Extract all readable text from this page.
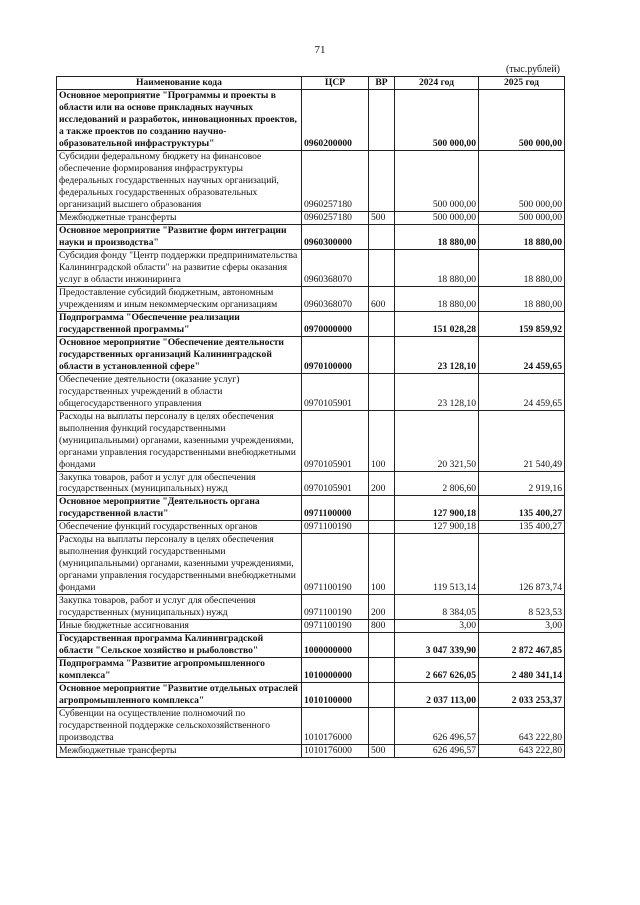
71
(тыс.рублей)
Наименование кода	ЦСР	ВР	2024 год	2025 год
Основное мероприятие "Программы и проекты в области или на основе прикладных научных исследований и разработок, инновационных проектов, а также проектов по созданию научно-образовательной инфраструктуры"	0960200000		500 000,00	500 000,00
Субсидии федеральному бюджету на финансовое обеспечение формирования инфраструктуры федеральных государственных научных организаций, федеральных государственных образовательных организаций высшего образования	0960257180		500 000,00	500 000,00
Межбюджетные трансферты	0960257180	500	500 000,00	500 000,00
Основное мероприятие "Развитие форм интеграции науки и производства"	0960300000		18 880,00	18 880,00
Субсидия фонду "Центр поддержки предпринимательства Калининградской области" на развитие сферы оказания услуг в области инжиниринга	0960368070		18 880,00	18 880,00
Предоставление субсидий бюджетным, автономным учреждениям и иным некоммерческим организациям	0960368070	600	18 880,00	18 880,00
Подпрограмма "Обеспечение реализации государственной программы"	0970000000		151 028,28	159 859,92
Основное мероприятие "Обеспечение деятельности государственных организаций Калининградской области в установленной сфере"	0970100000		23 128,10	24 459,65
Обеспечение деятельности (оказание услуг) государственных учреждений в области общегосударственного управления	0970105901		23 128,10	24 459,65
Расходы на выплаты персоналу в целях обеспечения выполнения функций государственными (муниципальными) органами, казенными учреждениями, органами управления государственными внебюджетными фондами	0970105901	100	20 321,50	21 540,49
Закупка товаров, работ и услуг для обеспечения государственных (муниципальных) нужд	0970105901	200	2 806,60	2 919,16
Основное мероприятие "Деятельность органа государственной власти"	0971100000		127 900,18	135 400,27
Обеспечение функций государственных органов	0971100190		127 900,18	135 400,27
Расходы на выплаты персоналу в целях обеспечения выполнения функций государственными (муниципальными) органами, казенными учреждениями, органами управления государственными внебюджетными фондами	0971100190	100	119 513,14	126 873,74
Закупка товаров, работ и услуг для обеспечения государственных (муниципальных) нужд	0971100190	200	8 384,05	8 523,53
Иные бюджетные ассигнования	0971100190	800	3,00	3,00
Государственная программа Калининградской области "Сельское хозяйство и рыболовство"	1000000000		3 047 339,90	2 872 467,85
Подпрограмма "Развитие агропромышленного комплекса"	1010000000		2 667 626,05	2 480 341,14
Основное мероприятие "Развитие отдельных отраслей агропромышленного комплекса"	1010100000		2 037 113,00	2 033 253,37
Субвенции на осуществление полномочий по государственной поддержке сельскохозяйственного производства	1010176000		626 496,57	643 222,80
Межбюджетные трансферты	1010176000	500	626 496,57	643 222,80
